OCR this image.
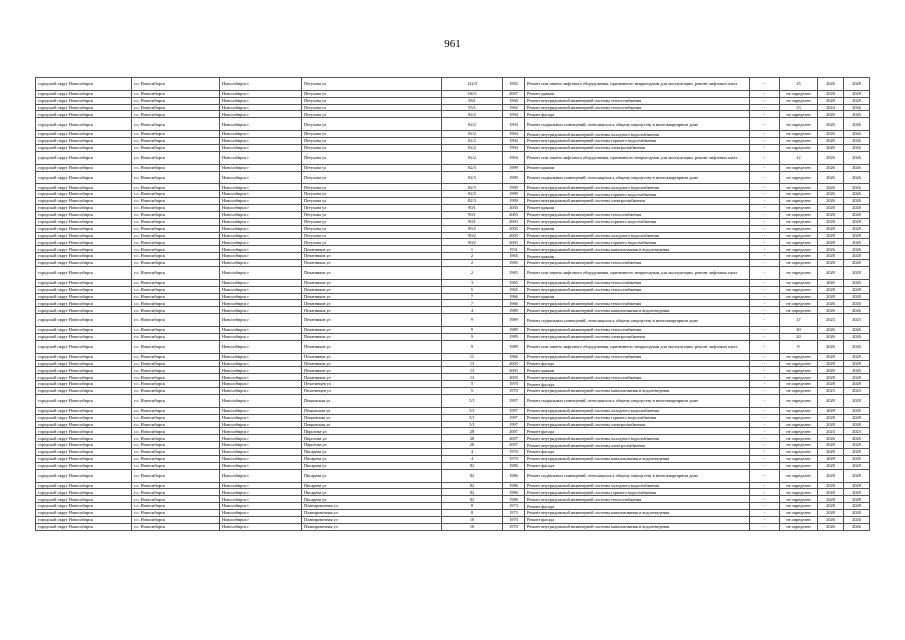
961
городской округ Новосибирск	г.о. Новосибирск	Новосибирск г	Петухова ул	122/3	1992	Ремонт или замена лифтового оборудования, признанного непригодным для эксплуатации, ремонт лифтовых шахт	-	25	2026	2028
городской округ Новосибирск	г.о. Новосибирск	Новосибирск г	Петухова ул	130/1	2007	Ремонт крыши	-	не определен	2028	2028
городской округ Новосибирск	г.о. Новосибирск	Новосибирск г	Петухова ул	38/1	1960	Ремонт внутридомовой инженерной системы теплоснабжения	-	не определен	2028	2028
городской округ Новосибирск	г.о. Новосибирск	Новосибирск г	Петухова ул	55/1	1962	Ремонт внутридомовой инженерной системы теплоснабжения	-	23	2024	2026
городской округ Новосибирск	г.о. Новосибирск	Новосибирск г	Петухова ул	82/2	1994	Ремонт фасада	-	не определен	2026	2026
городской округ Новосибирск	г.о. Новосибирск	Новосибирск г	Петухова ул	82/2	1994	Ремонт подвальных помещений, относящихся к общему имуществу в многоквартирном доме	-	не определен	2026	2026
городской округ Новосибирск	г.о. Новосибирск	Новосибирск г	Петухова ул	82/2	1994	Ремонт внутридомовой инженерной системы холодного водоснабжения	-	не определен	2026	2026
городской округ Новосибирск	г.о. Новосибирск	Новосибирск г	Петухова ул	82/2	1994	Ремонт внутридомовой инженерной системы горячего водоснабжения	-	не определен	2026	2026
городской округ Новосибирск	г.о. Новосибирск	Новосибирск г	Петухова ул	82/2	1994	Ремонт внутридомовой инженерной системы электроснабжения	-	не определен	2026	2026
городской округ Новосибирск	г.о. Новосибирск	Новосибирск г	Петухова ул	82/2	1994	Ремонт или замена лифтового оборудования, признанного непригодным для эксплуатации, ремонт лифтовых шахт	-	12	2026	2026
городской округ Новосибирск	г.о. Новосибирск	Новосибирск г	Петухова ул	82/3	1999	Ремонт крыши	-	не определен	2026	2026
городской округ Новосибирск	г.о. Новосибирск	Новосибирск г	Петухова ул	82/3	1999	Ремонт подвальных помещений, относящихся к общему имуществу в многоквартирном доме	-	не определен	2026	2026
городской округ Новосибирск	г.о. Новосибирск	Новосибирск г	Петухова ул	82/3	1999	Ремонт внутридомовой инженерной системы холодного водоснабжения	-	не определен	2026	2026
городской округ Новосибирск	г.о. Новосибирск	Новосибирск г	Петухова ул	82/3	1999	Ремонт внутридомовой инженерной системы горячего водоснабжения	-	не определен	2026	2026
городской округ Новосибирск	г.о. Новосибирск	Новосибирск г	Петухова ул	82/3	1999	Ремонт внутридомовой инженерной системы электроснабжения	-	не определен	2026	2026
городской округ Новосибирск	г.о. Новосибирск	Новосибирск г	Петухова ул	90/1	2003	Ремонт крыши	-	не определен	2028	2028
городской округ Новосибирск	г.о. Новосибирск	Новосибирск г	Петухова ул	90/1	2003	Ремонт внутридомовой инженерной системы теплоснабжения	-	не определен	2028	2028
городской округ Новосибирск	г.о. Новосибирск	Новосибирск г	Петухова ул	90/1	2003	Ремонт внутридомовой инженерной системы горячего водоснабжения	-	не определен	2028	2028
городской округ Новосибирск	г.о. Новосибирск	Новосибирск г	Петухова ул	90/2	2003	Ремонт крыши	-	не определен	2028	2028
городской округ Новосибирск	г.о. Новосибирск	Новосибирск г	Петухова ул	90/2	2003	Ремонт внутридомовой инженерной системы холодного водоснабжения	-	не определен	2028	2028
городской округ Новосибирск	г.о. Новосибирск	Новосибирск г	Петухова ул	90/2	2003	Ремонт внутридомовой инженерной системы горячего водоснабжения	-	не определен	2028	2028
городской округ Новосибирск	г.о. Новосибирск	Новосибирск г	Печатников ул	1	1931	Ремонт внутридомовой инженерной системы канализования и водоотведения	-	не определен	2026	2026
городской округ Новосибирск	г.о. Новосибирск	Новосибирск г	Печатников ул	2	1965	Ремонт крыши	-	не определен	2028	2028
городской округ Новосибирск	г.о. Новосибирск	Новосибирск г	Печатников ул	2	1965	Ремонт внутридомовой инженерной системы теплоснабжения	-	не определен	2028	2028
городской округ Новосибирск	г.о. Новосибирск	Новосибирск г	Печатников ул	2	1965	Ремонт или замена лифтового оборудования, признанного непригодным для эксплуатации, ремонт лифтовых шахт	-	не определен	2028	2028
городской округ Новосибирск	г.о. Новосибирск	Новосибирск г	Печатников ул	3	1965	Ремонт внутридомовой инженерной системы теплоснабжения	-	не определен	2026	2026
городской округ Новосибирск	г.о. Новосибирск	Новосибирск г	Печатников ул	5	1965	Ремонт внутридомовой инженерной системы теплоснабжения	-	не определен	2028	2028
городской округ Новосибирск	г.о. Новосибирск	Новосибирск г	Печатников ул	7	1966	Ремонт крыши	-	не определен	2028	2028
городской округ Новосибирск	г.о. Новосибирск	Новосибирск г	Печатников ул	7	1966	Ремонт внутридомовой инженерной системы теплоснабжения	-	не определен	2026	2026
городской округ Новосибирск	г.о. Новосибирск	Новосибирск г	Печатников ул	4	1989	Ремонт внутридомовой инженерной системы канализования и водоотведения	-	не определен	2026	2026
городской округ Новосибирск	г.о. Новосибирск	Новосибирск г	Печатников ул	9	1989	Ремонт подвальных помещений, относящихся к общему имуществу в многоквартирном доме	-	27	2023	2023
городской округ Новосибирск	г.о. Новосибирск	Новосибирск г	Печатников ул	9	1989	Ремонт внутридомовой инженерной системы теплоснабжения	-	30	2026	2026
городской округ Новосибирск	г.о. Новосибирск	Новосибирск г	Печатников ул	9	1989	Ремонт внутридомовой инженерной системы электроснабжения	-	20	2026	2026
городской округ Новосибирск	г.о. Новосибирск	Новосибирск г	Печатников ул	9	1989	Ремонт или замена лифтового оборудования, признанного непригодным для эксплуатации, ремонт лифтовых шахт	-	0	2026	2028
городской округ Новосибирск	г.о. Новосибирск	Новосибирск г	Печатников ул	11	1966	Ремонт внутридомовой инженерной системы теплоснабжения	-	не определен	2028	2028
городской округ Новосибирск	г.о. Новосибирск	Новосибирск г	Печатников ул	13	2003	Ремонт фасада	-	не определен	2028	2028
городской округ Новосибирск	г.о. Новосибирск	Новосибирск г	Печатников ул	13	2003	Ремонт крыши	-	не определен	2026	2026
городской округ Новосибирск	г.о. Новосибирск	Новосибирск г	Печатников ул	13	2003	Ремонт внутридомовой инженерной системы теплоснабжения	-	не определен	2028	2028
городской округ Новосибирск	г.о. Новосибирск	Новосибирск г	Пехотинцев ул	5	1970	Ремонт фасада	-	не определен	2028	2028
городской округ Новосибирск	г.о. Новосибирск	Новосибирск г	Пехотинцев ул	5	1970	Ремонт внутридомовой инженерной системы канализования и водоотведения	-	не определен	2023	2023
городской округ Новосибирск	г.о. Новосибирск	Новосибирск г	Пецковская ул	5/1	1997	Ремонт подвальных помещений, относящихся к общему имуществу в многоквартирном доме	-	не определен	2028	2028
городской округ Новосибирск	г.о. Новосибирск	Новосибирск г	Пецковская ул	5/1	1997	Ремонт внутридомовой инженерной системы холодного водоснабжения	-	не определен	2028	2028
городской округ Новосибирск	г.о. Новосибирск	Новосибирск г	Пецковская ул	5/1	1997	Ремонт внутридомовой инженерной системы горячего водоснабжения	-	не определен	2028	2028
городской округ Новосибирск	г.о. Новосибирск	Новосибирск г	Пецковская ул	5/1	1997	Ремонт внутридомовой инженерной системы электроснабжения	-	не определен	2028	2028
городской округ Новосибирск	г.о. Новосибирск	Новосибирск г	Пирогова ул	28	2007	Ремонт фасада	-	не определен	2023	2023
городской округ Новосибирск	г.о. Новосибирск	Новосибирск г	Пирогова ул	28	2007	Ремонт внутридомовой инженерной системы холодного водоснабжения	-	не определен	2026	2026
городской округ Новосибирск	г.о. Новосибирск	Новосибирск г	Пирогова ул	28	2007	Ремонт внутридомовой инженерной системы электроснабжения	-	не определен	2028	2028
городской округ Новосибирск	г.о. Новосибирск	Новосибирск г	Писарева ул	4	1970	Ремонт фасада	-	не определен	2028	2028
городской округ Новосибирск	г.о. Новосибирск	Новосибирск г	Писарева ул	4	1970	Ремонт внутридомовой инженерной системы канализования и водоотведения	-	не определен	2028	2028
городской округ Новосибирск	г.о. Новосибирск	Новосибирск г	Писарева ул	82	1986	Ремонт фасада	-	не определен	2028	2028
городской округ Новосибирск	г.о. Новосибирск	Новосибирск г	Писарева ул	82	1986	Ремонт подвальных помещений, относящихся к общему имуществу в многоквартирном доме	-	не определен	2028	2028
городской округ Новосибирск	г.о. Новосибирск	Новосибирск г	Писарева ул	82	1986	Ремонт внутридомовой инженерной системы холодного водоснабжения	-	не определен	2028	2028
городской округ Новосибирск	г.о. Новосибирск	Новосибирск г	Писарева ул	82	1986	Ремонт внутридомовой инженерной системы горячего водоснабжения	-	не определен	2028	2028
городской округ Новосибирск	г.о. Новосибирск	Новосибирск г	Писарева ул	82	1986	Ремонт внутридомовой инженерной системы теплоснабжения	-	не определен	2028	2028
городской округ Новосибирск	г.о. Новосибирск	Новосибирск г	Планировочная ул	8	1973	Ремонт фасада	-	не определен	2028	2028
городской округ Новосибирск	г.о. Новосибирск	Новосибирск г	Планировочная ул	8	1973	Ремонт внутридомовой инженерной системы канализования и водоотведения	-	не определен	2028	2028
городской округ Новосибирск	г.о. Новосибирск	Новосибирск г	Планировочная ул	10	1970	Ремонт фасада	-	не определен	2026	2026
городской округ Новосибирск	г.о. Новосибирск	Новосибирск г	Планировочная ул	10	1970	Ремонт внутридомовой инженерной системы канализования и водоотведения	-	не определен	2026	2026
